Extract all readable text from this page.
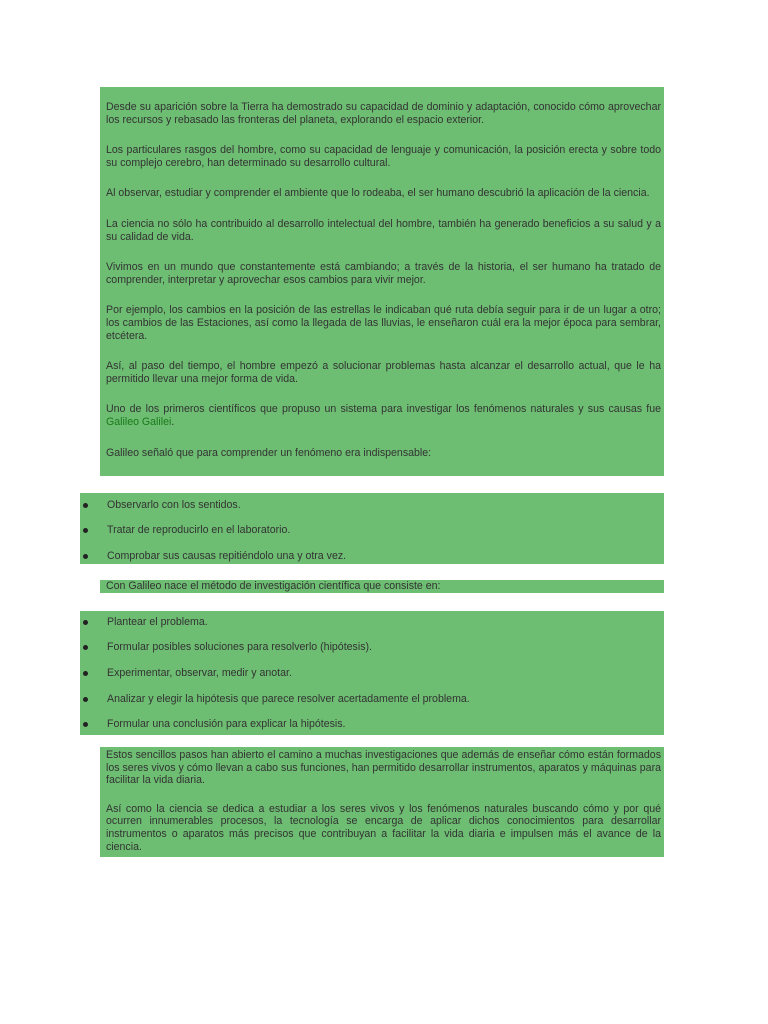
Desde su aparición sobre la Tierra ha demostrado su capacidad de dominio y adaptación, conocido cómo aprovechar los recursos y rebasado las fronteras del planeta, explorando el espacio exterior.

Los particulares rasgos del hombre, como su capacidad de lenguaje y comunicación, la posición erecta y sobre todo su complejo cerebro, han determinado su desarrollo cultural.

Al observar, estudiar y comprender el ambiente que lo rodeaba, el ser humano descubrió la aplicación de la ciencia.

La ciencia no sólo ha contribuido al desarrollo intelectual del hombre, también ha generado beneficios a su salud y a su calidad de vida.

Vivimos en un mundo que constantemente está cambiando; a través de la historia, el ser humano ha tratado de comprender, interpretar y aprovechar esos cambios para vivir mejor.

Por ejemplo, los cambios en la posición de las estrellas le indicaban qué ruta debía seguir para ir de un lugar a otro; los cambios de las Estaciones, así como la llegada de las lluvias, le enseñaron cuál era la mejor época para sembrar, etcétera.

Así, al paso del tiempo, el hombre empezó a solucionar problemas hasta alcanzar el desarrollo actual, que le ha permitido llevar una mejor forma de vida.

Uno de los primeros científicos que propuso un sistema para investigar los fenómenos naturales y sus causas fue Galileo Galilei.

Galileo señaló que para comprender un fenómeno era indispensable:

Observarlo con los sentidos.
Tratar de reproducirlo en el laboratorio.
Comprobar sus causas repitiéndolo una y otra vez.
Con Galileo nace el método de investigación científica que consiste en:
Plantear el problema.
Formular posibles soluciones para resolverlo (hipótesis).
Experimentar, observar, medir y anotar.
Analizar y elegir la hipótesis que parece resolver acertadamente el problema.
Formular una conclusión para explicar la hipótesis.

Estos sencillos pasos han abierto el camino a muchas investigaciones que además de enseñar cómo están formados los seres vivos y cómo llevan a cabo sus funciones, han permitido desarrollar instrumentos, aparatos y máquinas para facilitar la vida diaria.

Así como la ciencia se dedica a estudiar a los seres vivos y los fenómenos naturales buscando cómo y por qué ocurren innumerables procesos, la tecnología se encarga de aplicar dichos conocimientos para desarrollar instrumentos o aparatos más precisos que contribuyan a facilitar la vida diaria e impulsen más el avance de la ciencia.
